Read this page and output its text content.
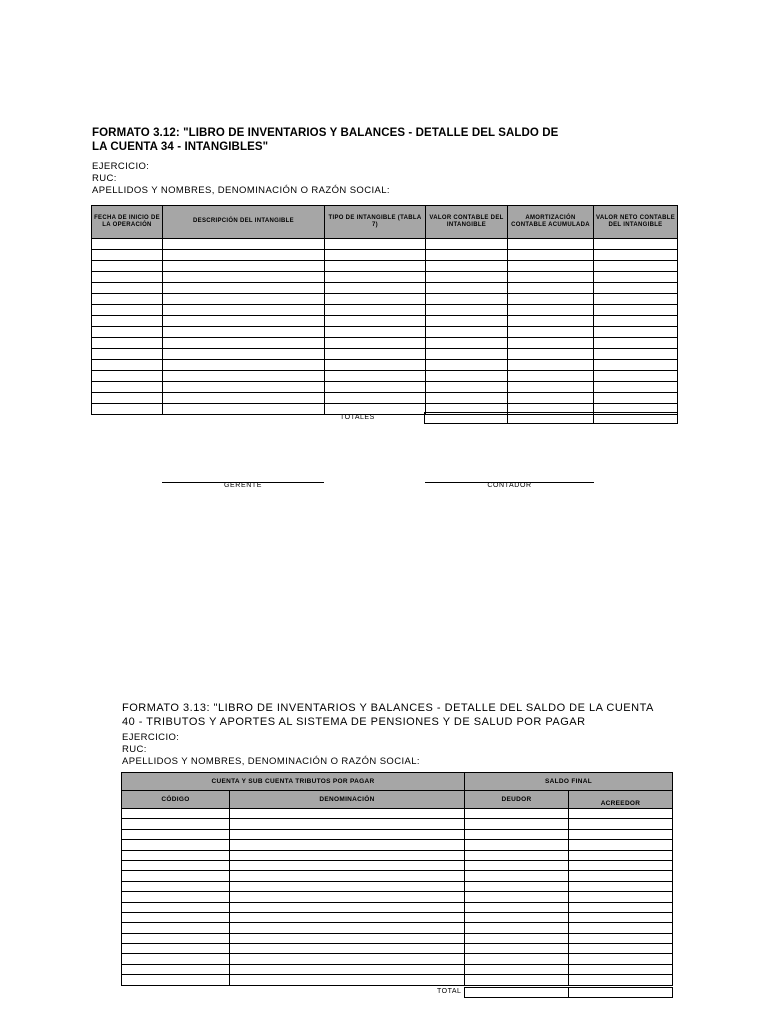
FORMATO 3.12: "LIBRO DE INVENTARIOS Y BALANCES - DETALLE DEL SALDO DE
LA CUENTA 34 - INTANGIBLES"
EJERCICIO:
RUC:
APELLIDOS Y NOMBRES, DENOMINACIÓN O RAZÓN SOCIAL:
FECHA DE INICIO DE LA OPERACIÓN	DESCRIPCIÓN DEL INTANGIBLE	TIPO DE INTANGIBLE (TABLA 7)	VALOR CONTABLE DEL INTANGIBLE	AMORTIZACIÓN CONTABLE ACUMULADA	VALOR NETO CONTABLE DEL INTANGIBLE

TOTALES

GERENTE	CONTADOR
FORMATO 3.13: "LIBRO DE INVENTARIOS Y BALANCES - DETALLE DEL SALDO DE LA CUENTA
40 - TRIBUTOS Y APORTES AL SISTEMA DE PENSIONES Y DE SALUD POR PAGAR
EJERCICIO:
RUC:
APELLIDOS Y NOMBRES, DENOMINACIÓN O RAZÓN SOCIAL:
CUENTA Y SUB CUENTA TRIBUTOS POR PAGAR		SALDO FINAL	
CÓDIGO	DENOMINACIÓN	DEUDOR	ACREEDOR

TOTAL
